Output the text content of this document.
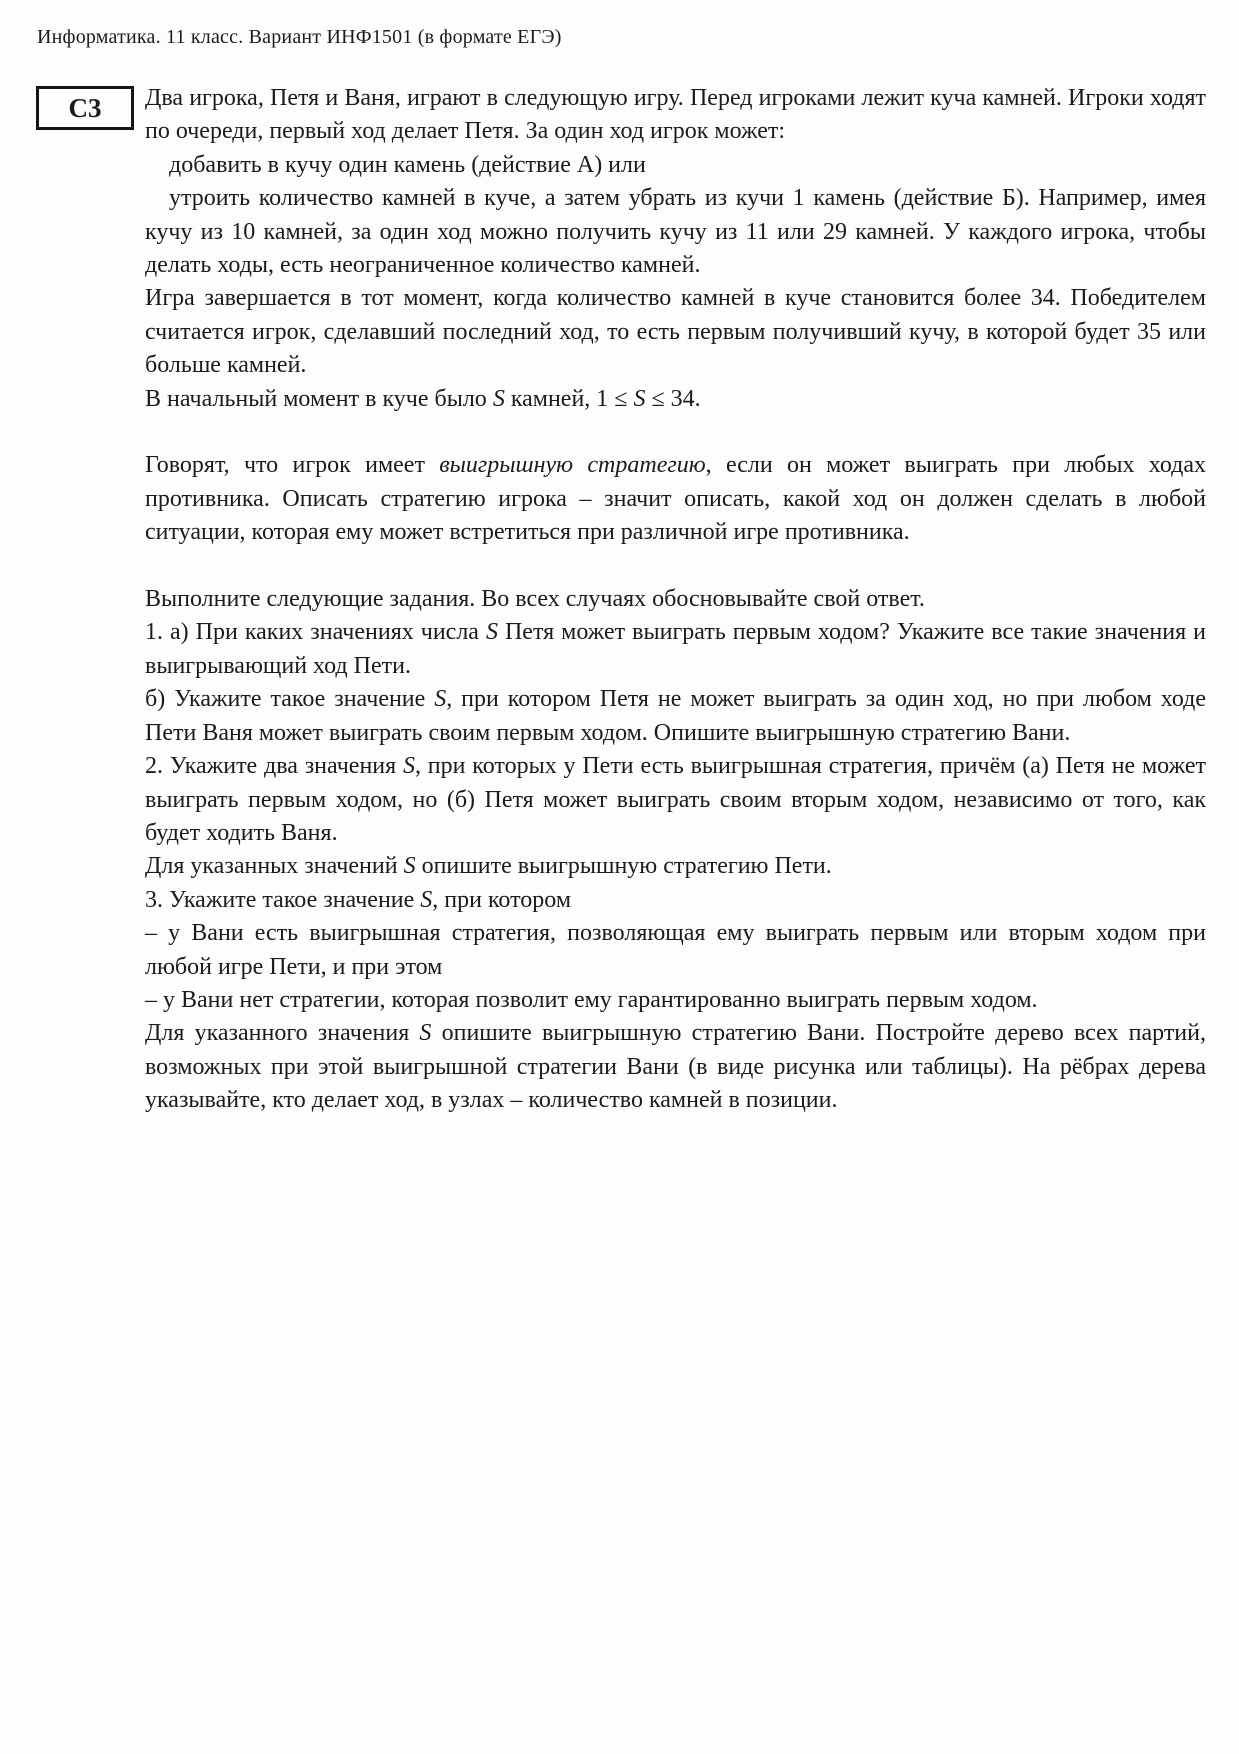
Информатика. 11 класс. Вариант ИНФ1501 (в формате ЕГЭ)
С3 Два игрока, Петя и Ваня, играют в следующую игру. Перед игроками лежит куча камней. Игроки ходят по очереди, первый ход делает Петя. За один ход игрок может:

добавить в кучу один камень (действие А) или

утроить количество камней в куче, а затем убрать из кучи 1 камень (действие Б). Например, имея кучу из 10 камней, за один ход можно получить кучу из 11 или 29 камней. У каждого игрока, чтобы делать ходы, есть неограниченное количество камней.

Игра завершается в тот момент, когда количество камней в куче становится более 34. Победителем считается игрок, сделавший последний ход, то есть первым получивший кучу, в которой будет 35 или больше камней.

В начальный момент в куче было S камней, 1 ≤ S ≤ 34.

Говорят, что игрок имеет выигрышную стратегию, если он может выиграть при любых ходах противника. Описать стратегию игрока – значит описать, какой ход он должен сделать в любой ситуации, которая ему может встретиться при различной игре противника.

Выполните следующие задания. Во всех случаях обосновывайте свой ответ.

1. а) При каких значениях числа S Петя может выиграть первым ходом? Укажите все такие значения и выигрывающий ход Пети.

б) Укажите такое значение S, при котором Петя не может выиграть за один ход, но при любом ходе Пети Ваня может выиграть своим первым ходом. Опишите выигрышную стратегию Вани.

2. Укажите два значения S, при которых у Пети есть выигрышная стратегия, причём (а) Петя не может выиграть первым ходом, но (б) Петя может выиграть своим вторым ходом, независимо от того, как будет ходить Ваня.

Для указанных значений S опишите выигрышную стратегию Пети.

3. Укажите такое значение S, при котором

– у Вани есть выигрышная стратегия, позволяющая ему выиграть первым или вторым ходом при любой игре Пети, и при этом

– у Вани нет стратегии, которая позволит ему гарантированно выиграть первым ходом.

Для указанного значения S опишите выигрышную стратегию Вани. Постройте дерево всех партий, возможных при этой выигрышной стратегии Вани (в виде рисунка или таблицы). На рёбрах дерева указывайте, кто делает ход, в узлах – количество камней в позиции.
